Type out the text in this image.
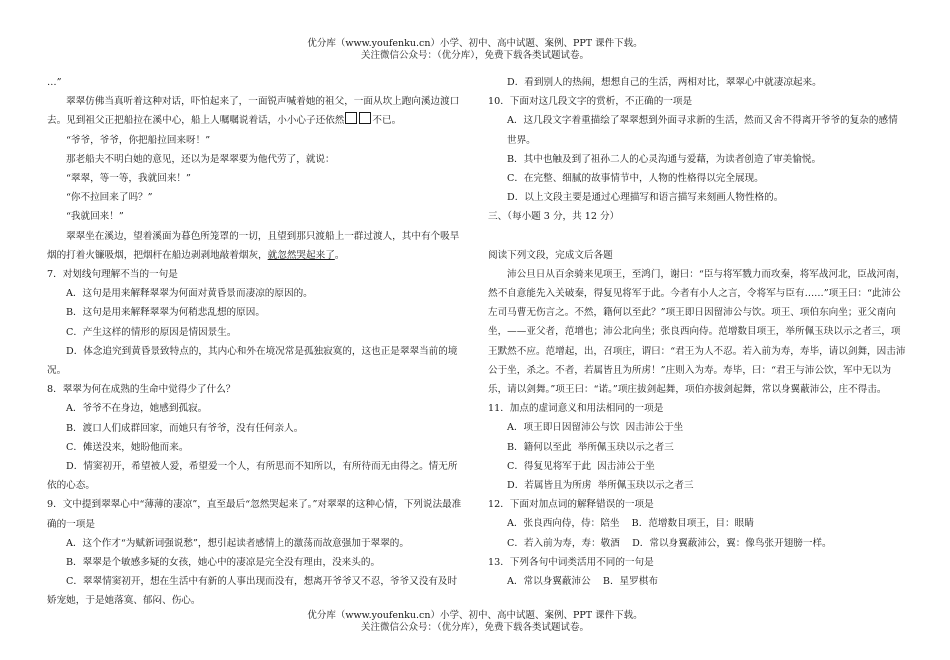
优分库（www.youfenku.cn）小学、初中、高中试题、案例、PPT 课件下载。
关注微信公众号：（优分库），免费下载各类试题试卷。

…”

翠翠仿佛当真听着这种对话，吓怕起来了，一面锐声喊着她的祖父，一面从坎上跑向溪边渡口去。见到祖父正把船拉在溪中心，船上人嘱嘱说着话，小小心子还依然	不已。

“爷爷，爷爷，你把船拉回来呀！”

那老船夫不明白她的意见，还以为是翠翠要为他代劳了，就说：

“翠翠，等一等，我就回来！”

“你不拉回来了吗？”

“我就回来！”

翠翠坐在溪边，望着溪面为暮色所笼罩的一切，且望到那只渡船上一群过渡人，其中有个吸旱烟的打着火镰吸烟，把烟杆在船边剥剥地敲着烟灰，就忽然哭起来了。

7．对划线句理解不当的一句是

A．这句是用来解释翠翠为何面对黄昏景而凄凉的原因的。

B．这句是用来解释翠翠为何稍悲乱想的原因。

C．产生这样的情形的原因是情因景生。

D．体念追究到黄昏景致特点的，其内心和外在境况常是孤独寂寞的，这也正是翠翠当前的境况。

8．翠翠为何在成熟的生命中觉得少了什么？

A．爷爷不在身边，她感到孤寂。

B．渡口人们成群回家，而她只有爷爷，没有任何亲人。

C．傩送没来，她盼他而来。

D．情窦初开，希望被人爱，希望爱一个人，有所思而不知所以，有所待而无由得之。情无所依的心态。

9．文中提到翠翠心中“薄薄的凄凉”，直至最后“忽然哭起来了。”对翠翠的这种心情，下列说法最准确的一项是

A．这个作才“为赋新词强说愁”，想引起读者感情上的激荡而故意强加于翠翠的。

B．翠翠是个敏感多疑的女孩，她心中的凄凉是完全没有理由，没来头的。

C．翠翠情窦初开，想在生活中有新的人事出现而没有，想离开爷爷又不忍，爷爷又没有及时娇宠她，于是她落寞、郁闷、伤心。

D．看到别人的热闹，想想自己的生活，两相对比，翠翠心中就凄凉起来。

10．下面对这几段文字的赏析，不正确的一项是

A．这几段文字着重描绘了翠翠想到外面寻求新的生活，然而又舍不得离开爷爷的复杂的感情世界。

B．其中也触及到了祖孙二人的心灵沟通与爱藉，为读者创造了审美愉悦。

C．在完整、细腻的故事情节中，人物的性格得以完全展现。

D．以上文段主要是通过心理描写和语言描写来刻画人物性格的。

三、（每小题 3 分，共 12 分）

阅读下列文段，完成文后各题

沛公旦日从百余骑来见项王，至鸿门，谢曰：“臣与将军戮力而攻秦，将军战河北，臣战河南，然不自意能先入关破秦，得复见将军于此。今者有小人之言，令将军与臣有……”项王曰：“此沛公左司马曹无伤言之。不然，籍何以至此？”项王即日因留沛公与饮。项王、项伯东向坐；亚父南向坐，——亚父者，范增也；沛公北向坐；张良西向侍。范增数目项王，举所佩玉玦以示之者三，项王默然不应。范增起，出，召项庄，谓曰：“君王为人不忍。若入前为寿，寿毕，请以剑舞，因击沛公于坐，杀之。不者，若属皆且为所虏！”庄则入为寿。寿毕，曰：“君王与沛公饮，军中无以为乐，请以剑舞。”项王曰：“诺。”项庄拔剑起舞，项伯亦拔剑起舞，常以身翼蔽沛公，庄不得击。

11．加点的虚词意义和用法相同的一项是

A．项王即日因留沛公与饮 因击沛公于坐

B．籍何以至此 举所佩玉玦以示之者三

C．得复见将军于此 因击沛公于坐

D．若属皆且为所虏 举所佩玉玦以示之者三

12．下面对加点词的解释错误的一项是

A．张良西向侍，侍：陪坐 B．范增数目项王，目：眼睛

C．若入前为寿，寿：敬酒 D．常以身翼蔽沛公，翼：像鸟张开翅膀一样。

13．下列各句中词类活用不同的一句是

A．常以身翼蔽沛公 B．星罗棋布

优分库（www.youfenku.cn）小学、初中、高中试题、案例、PPT 课件下载。
关注微信公众号：（优分库），免费下载各类试题试卷。
